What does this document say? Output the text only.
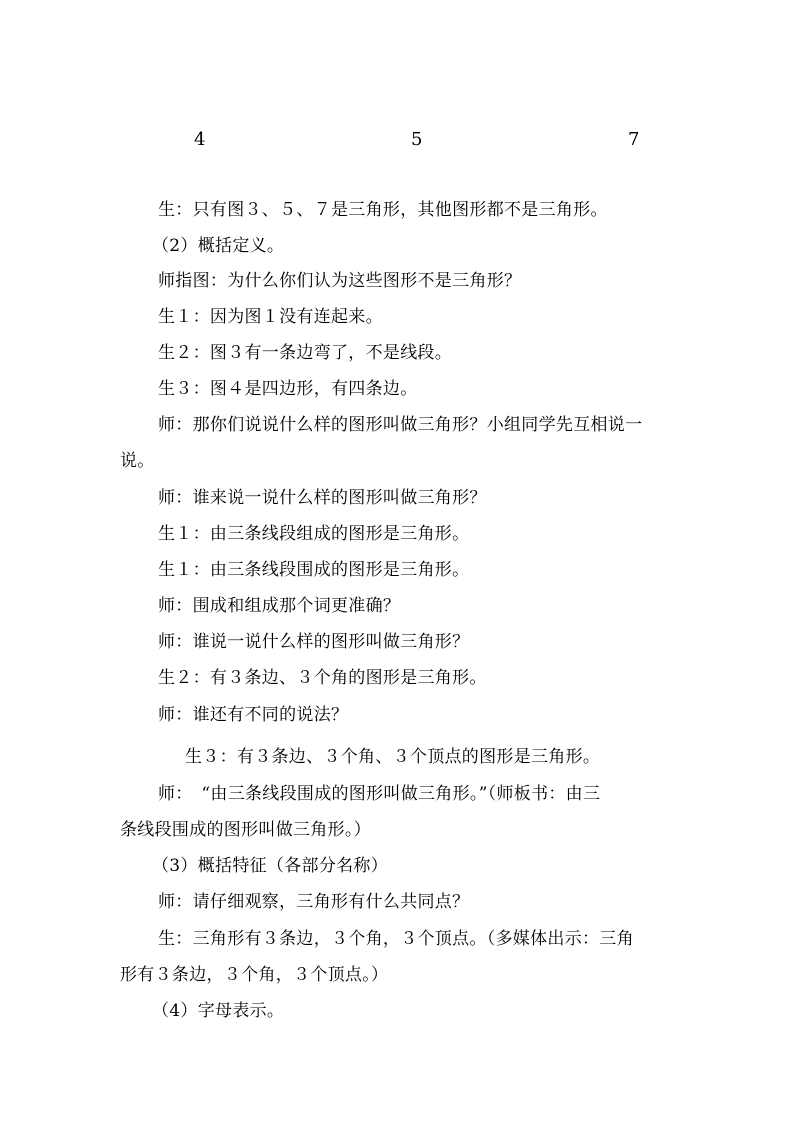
4	5	7
生：只有图３、５、７是三角形，其他图形都不是三角形。
（2）概括定义。
师指图：为什么你们认为这些图形不是三角形？
生１：因为图１没有连起来。
生２：图３有一条边弯了，不是线段。
生３：图４是四边形，有四条边。
师：那你们说说什么样的图形叫做三角形？小组同学先互相说一
说。
师：谁来说一说什么样的图形叫做三角形？
生１：由三条线段组成的图形是三角形。
生１：由三条线段围成的图形是三角形。
师：围成和组成那个词更准确？
师：谁说一说什么样的图形叫做三角形？
生２：有３条边、３个角的图形是三角形。
师：谁还有不同的说法？
生３：有３条边、３个角、３个顶点的图形是三角形。
师：　“由三条线段围成的图形叫做三角形。”（师板书：由三
条线段围成的图形叫做三角形。）
（3）概括特征（各部分名称）
师：请仔细观察，三角形有什么共同点？
生：三角形有３条边，３个角，３个顶点。（多媒体出示：三角
形有３条边，３个角，３个顶点。）
（4）字母表示。
